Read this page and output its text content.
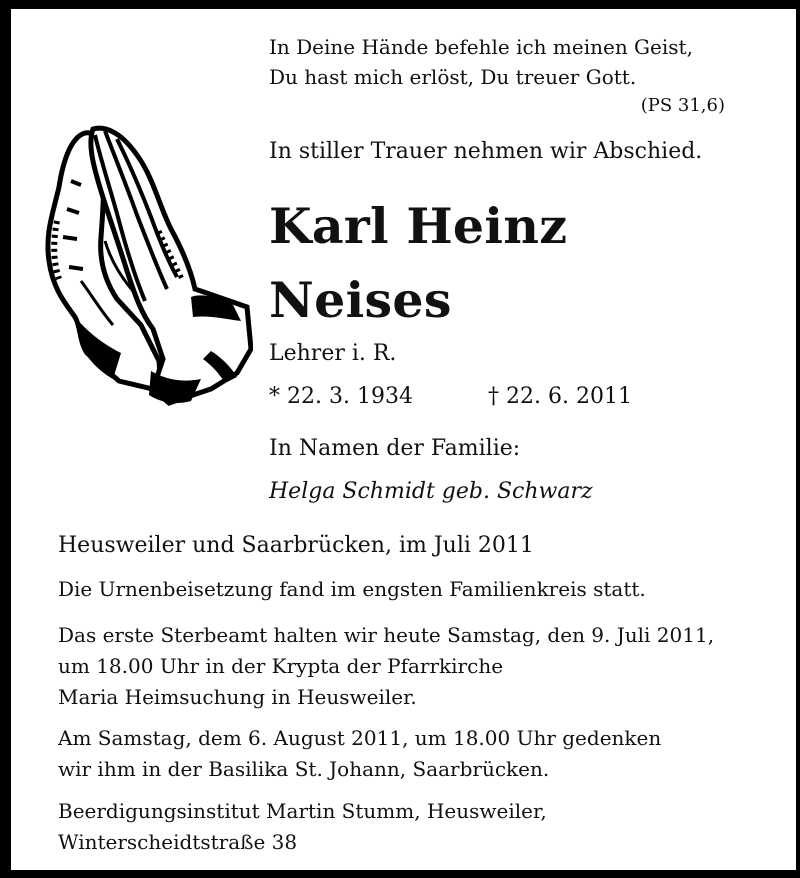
In Deine Hände befehle ich meinen Geist,

Du hast mich erlöst, Du treuer Gott.

(PS 31,6)

In stiller Trauer nehmen wir Abschied.

Karl Heinz

Neises

Lehrer i. R.

* 22. 3. 1934	† 22. 6. 2011

In Namen der Familie:

Helga Schmidt geb. Schwarz

Heusweiler und Saarbrücken, im Juli 2011

Die Urnenbeisetzung fand im engsten Familienkreis statt.

Das erste Sterbeamt halten wir heute Samstag, den 9. Juli 2011,

um 18.00 Uhr in der Krypta der Pfarrkirche

Maria Heimsuchung in Heusweiler.

Am Samstag, dem 6. August 2011, um 18.00 Uhr gedenken

wir ihm in der Basilika St. Johann, Saarbrücken.

Beerdigungsinstitut Martin Stumm, Heusweiler,

Winterscheidtstraße 38
